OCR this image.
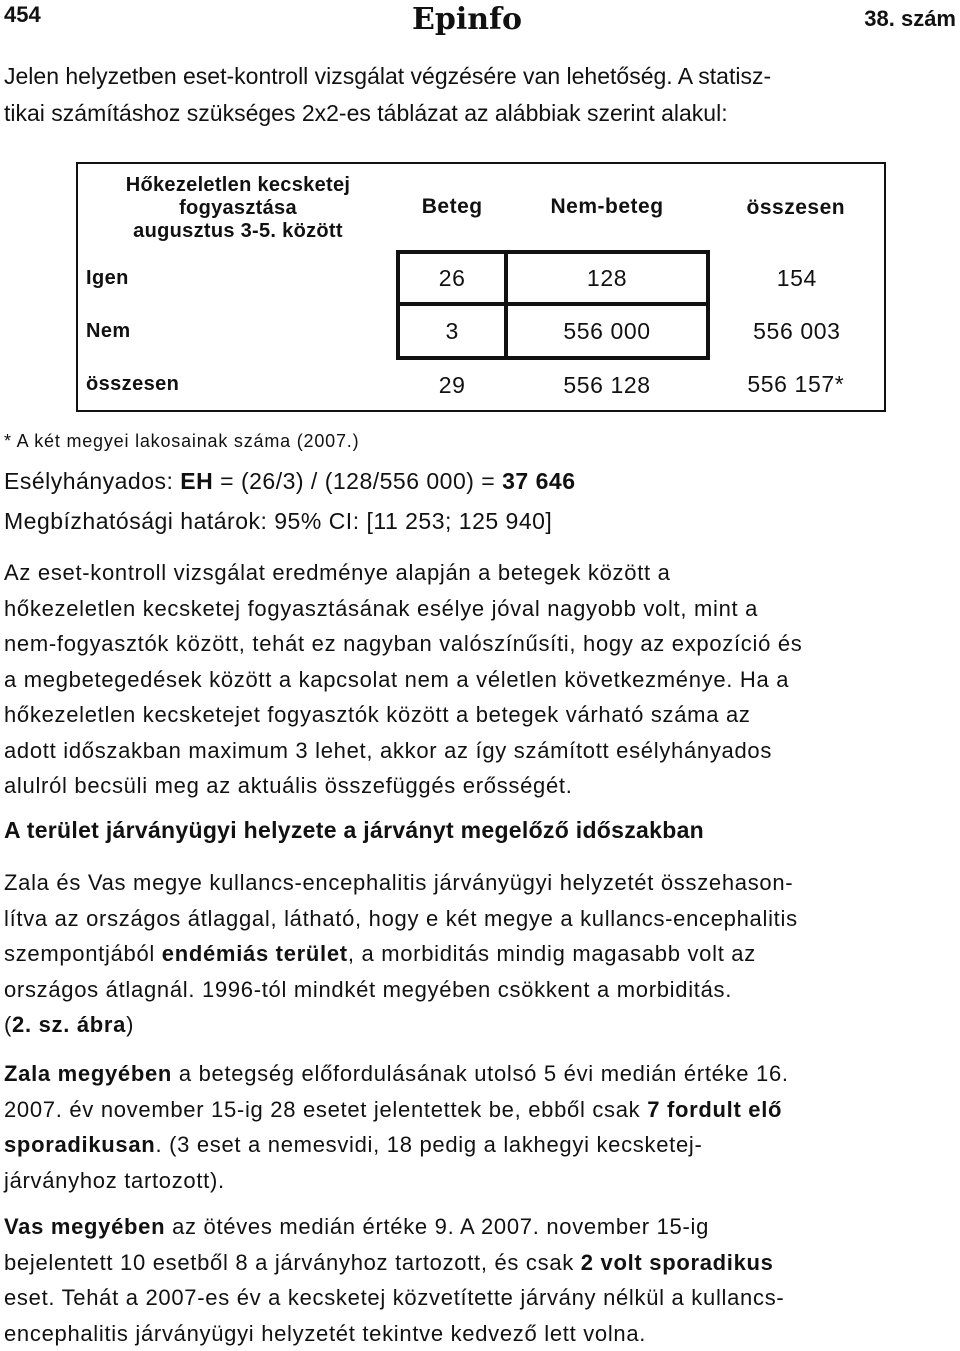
454	Epinfo	38. szám

Jelen helyzetben eset-kontroll vizsgálat végzésére van lehetőség. A statisz-

tikai számításhoz szükséges 2x2-es táblázat az alábbiak szerint alakul:

Hőkezeletlen kecsketej
fogyasztása
augusztus 3-5. között	Beteg	Nem-beteg	összesen
Igen	26	128	154
Nem	3	556 000	556 003
összesen	29	556 128	556 157*
* A két megyei lakosainak száma (2007.)
Esélyhányados: EH = (26/3) / (128/556 000) = 37 646
Megbízhatósági határok: 95% CI: [11 253; 125 940]

Az eset-kontroll vizsgálat eredménye alapján a betegek között a

hőkezeletlen kecsketej fogyasztásának esélye jóval nagyobb volt, mint a

nem-fogyasztók között, tehát ez nagyban valószínűsíti, hogy az expozíció és

a megbetegedések között a kapcsolat nem a véletlen következménye. Ha a

hőkezeletlen kecsketejet fogyasztók között a betegek várható száma az

adott időszakban maximum 3 lehet, akkor az így számított esélyhányados

alulról becsüli meg az aktuális összefüggés erősségét.

A terület járványügyi helyzete a járványt megelőző időszakban

Zala és Vas megye kullancs-encephalitis járványügyi helyzetét összehason-

lítva az országos átlaggal, látható, hogy e két megye a kullancs-encephalitis

szempontjából endémiás terület, a morbiditás mindig magasabb volt az

országos átlagnál. 1996-tól mindkét megyében csökkent a morbiditás.

(2. sz. ábra)

Zala megyében a betegség előfordulásának utolsó 5 évi medián értéke 16.

2007. év november 15-ig 28 esetet jelentettek be, ebből csak 7 fordult elő

sporadikusan. (3 eset a nemesvidi, 18 pedig a lakhegyi kecsketej-

járványhoz tartozott).

Vas megyében az ötéves medián értéke 9. A 2007. november 15-ig

bejelentett 10 esetből 8 a járványhoz tartozott, és csak 2 volt sporadikus

eset. Tehát a 2007-es év a kecsketej közvetítette járvány nélkül a kullancs-

encephalitis járványügyi helyzetét tekintve kedvező lett volna.
